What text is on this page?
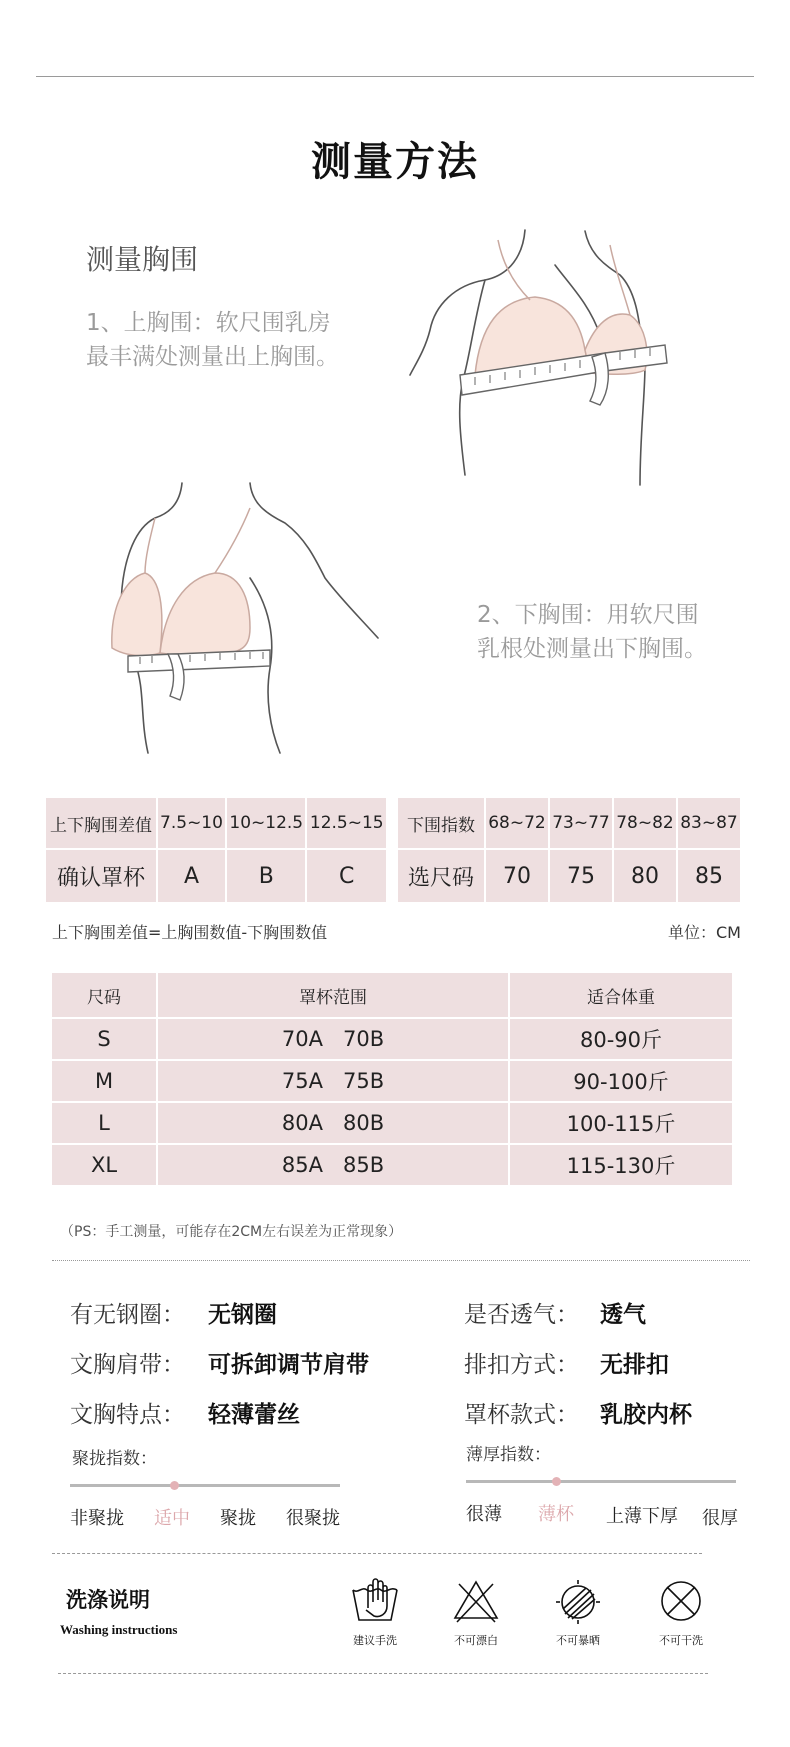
测量方法
测量胸围
1、上胸围：软尺围乳房
最丰满处测量出上胸围。
2、下胸围：用软尺围
乳根处测量出下胸围。
上下胸围差值	7.5~10	10~12.5	12.5~15
确认罩杯	A	B	C
下围指数	68~72	73~77	78~82	83~87
选尺码	70	75	80	85
上下胸围差值=上胸围数值-下胸围数值	单位：CM
尺码	罩杯范围	适合体重
S	70A   70B	80-90斤
M	75A   75B	90-100斤
L	80A   80B	100-115斤
XL	85A   85B	115-130斤
（PS：手工测量，可能存在2CM左右误差为正常现象）
有无钢圈： 无钢圈
文胸肩带： 可拆卸调节肩带
文胸特点： 轻薄蕾丝
是否透气： 透气
排扣方式： 无排扣
罩杯款式： 乳胶内杯
聚拢指数：
非聚拢 适中 聚拢 很聚拢
薄厚指数：
很薄 薄杯 上薄下厚 很厚
洗涤说明
Washing instructions
建议手洗	不可漂白	不可暴晒	不可干洗
